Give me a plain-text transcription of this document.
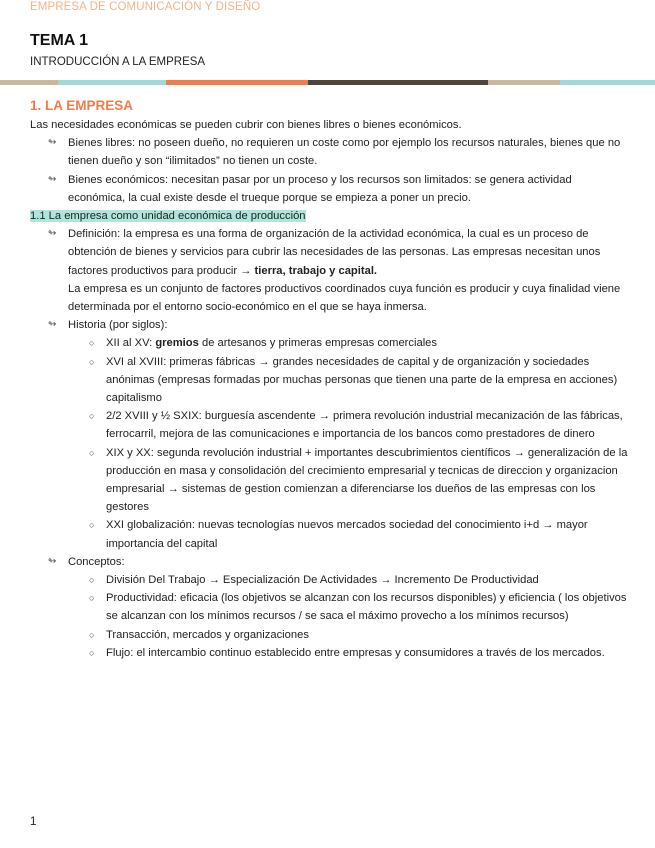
EMPRESA DE COMUNICACIÓN Y DISEÑO
TEMA 1
INTRODUCCIÓN A LA EMPRESA
1. LA EMPRESA

Las necesidades económicas se pueden cubrir con bienes libres o bienes económicos.

↬ Bienes libres: no poseen dueño, no requieren un coste como por ejemplo los recursos naturales, bienes que no tienen dueño y son “ilimitados” no tienen un coste.
↬ Bienes económicos: necesitan pasar por un proceso y los recursos son limitados: se genera actividad económica, la cual existe desde el trueque porque se empieza a poner un precio.
1.1 La empresa como unidad económica de producción
↬ Definición: la empresa es una forma de organización de la actividad económica, la cual es un proceso de obtención de bienes y servicios para cubrir las necesidades de las personas. Las empresas necesitan unos factores productivos para producir → tierra, trabajo y capital.
La empresa es un conjunto de factores productivos coordinados cuya función es producir y cuya finalidad viene determinada por el entorno socio-económico en el que se haya inmersa.
↬ Historia (por siglos):
○ XII al XV: gremios de artesanos y primeras empresas comerciales
○ XVI al XVIII: primeras fábricas → grandes necesidades de capital y de organización y sociedades anónimas (empresas formadas por muchas personas que tienen una parte de la empresa en acciones) capitalismo
○ 2/2 XVIII y ½ SXIX: burguesía ascendente → primera revolución industrial mecanización de las fábricas, ferrocarril, mejora de las comunicaciones e importancia de los bancos como prestadores de dinero
○ XIX y XX: segunda revolución industrial + importantes descubrimientos científicos → generalización de la producción en masa y consolidación del crecimiento empresarial y tecnicas de direccion y organizacion empresarial → sistemas de gestion comienzan a diferenciarse los dueños de las empresas con los gestores
○ XXI globalización: nuevas tecnologías nuevos mercados sociedad del conocimiento i+d → mayor importancia del capital
↬ Conceptos:
○ División Del Trabajo → Especialización De Actividades → Incremento De Productividad
○ Productividad: eficacia (los objetivos se alcanzan con los recursos disponibles) y eficiencia ( los objetivos se alcanzan con los mínimos recursos / se saca el máximo provecho a los mínimos recursos)
○ Transacción, mercados y organizaciones
○ Flujo: el intercambio continuo establecido entre empresas y consumidores a través de los mercados.
1
